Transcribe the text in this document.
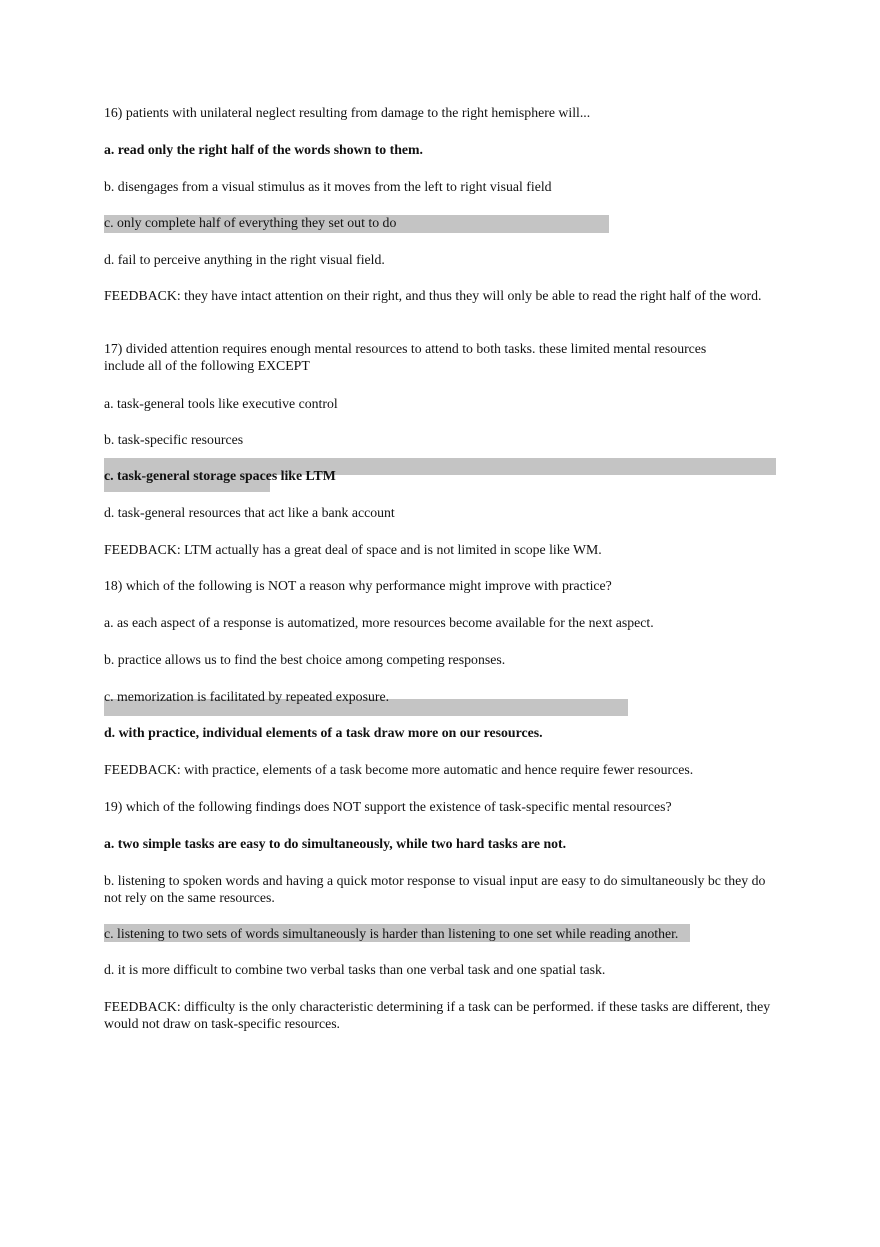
16) patients with unilateral neglect resulting from damage to the right hemisphere will...
a. read only the right half of the words shown to them.
b. disengages from a visual stimulus as it moves from the left to right visual field
c. only complete half of everything they set out to do
d. fail to perceive anything in the right visual field.
FEEDBACK: they have intact attention on their right, and thus they will only be able to read the right half of the word.
17) divided attention requires enough mental resources to attend to both tasks. these limited mental resources include all of the following EXCEPT
a. task-general tools like executive control
b. task-specific resources
c. task-general storage spaces like LTM
d. task-general resources that act like a bank account
FEEDBACK: LTM actually has a great deal of space and is not limited in scope like WM.
18) which of the following is NOT a reason why performance might improve with practice?
a. as each aspect of a response is automatized, more resources become available for the next aspect.
b. practice allows us to find the best choice among competing responses.
c. memorization is facilitated by repeated exposure.
d. with practice, individual elements of a task draw more on our resources.
FEEDBACK: with practice, elements of a task become more automatic and hence require fewer resources.
19) which of the following findings does NOT support the existence of task-specific mental resources?
a. two simple tasks are easy to do simultaneously, while two hard tasks are not.
b. listening to spoken words and having a quick motor response to visual input are easy to do simultaneously bc they do not rely on the same resources.
c. listening to two sets of words simultaneously is harder than listening to one set while reading another.
d. it is more difficult to combine two verbal tasks than one verbal task and one spatial task.
FEEDBACK: difficulty is the only characteristic determining if a task can be performed. if these tasks are different, they would not draw on task-specific resources.
